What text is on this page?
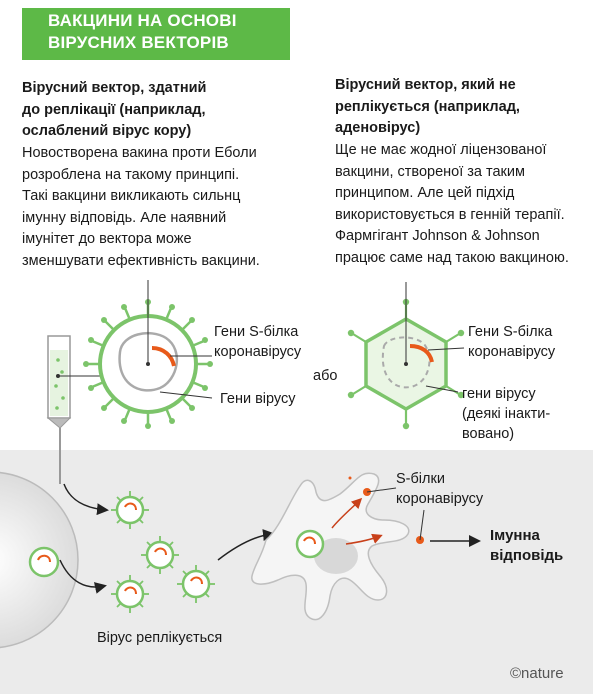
ВАКЦИНИ НА ОСНОВІ
ВІРУСНИХ ВЕКТОРІВ
Вірусний вектор, здатний
до реплікації (наприклад,
ослаблений вірус кору)
Новостворена вакина проти Еболи
розроблена на такому принципі.
Такі вакцини викликають сильнц
імунну відповідь. Але наявний
імунітет до вектора може
зменшувати ефективність вакцини.
Вірусний вектор, який не
реплікується (наприклад,
аденовірус)
Ще не має жодної ліцензованої
вакцини, створеної за таким
принципом. Але цей підхід
використовується в генній терапії.
Фармгігант Johnson & Johnson
працює саме над такою вакциною.
Гени S-білка
коронавірусу
Гени вірусу
або
Гени S-білка
коронавірусу
гени вірусу
(деякі інакти-
вовано)
S-білки
коронавірусу
Імунна
відповідь
Вірус реплікується
©nature
